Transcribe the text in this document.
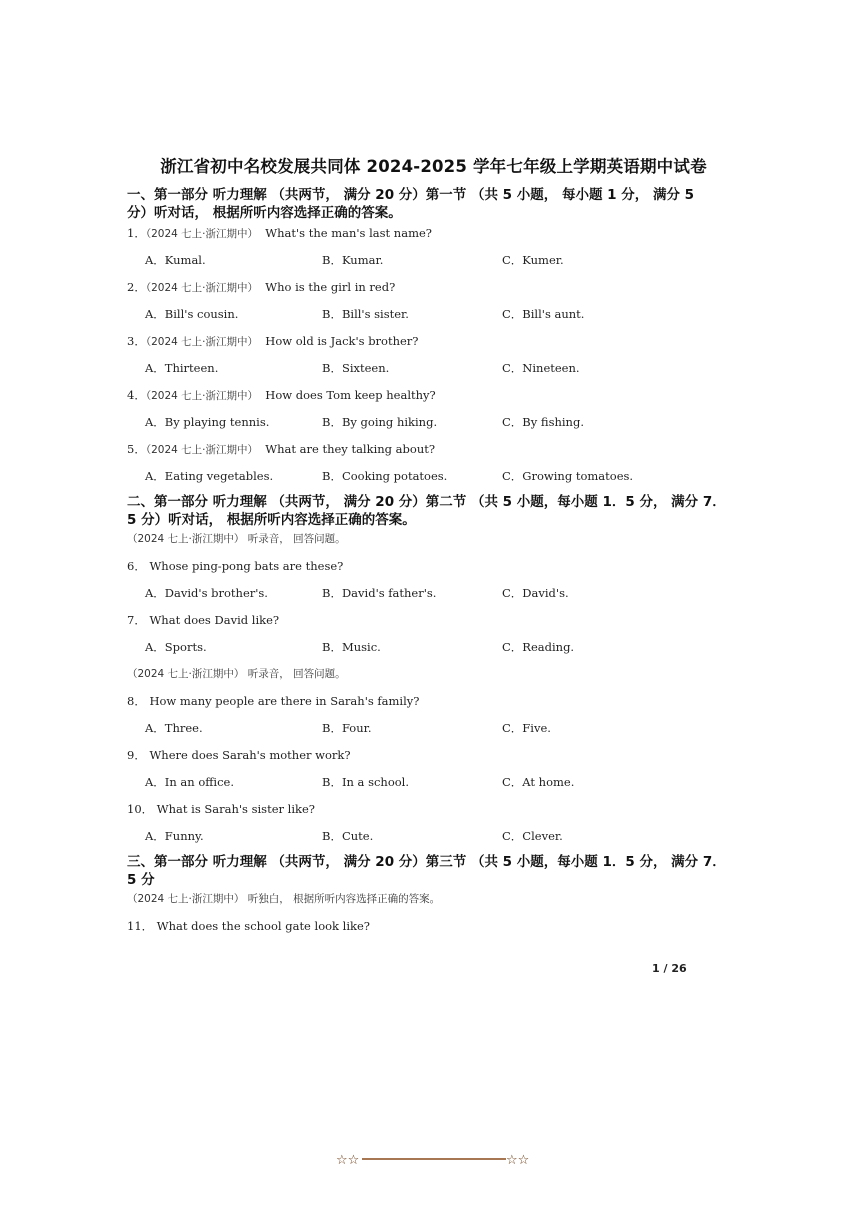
浙江省初中名校发展共同体 2024-2025 学年七年级上学期英语期中试卷
一、第一部分 听力理解 （共两节， 满分 20 分）第一节 （共 5 小题， 每小题 1 分， 满分 5
分）听对话， 根据所听内容选择正确的答案。
1．（2024 七上·浙江期中） What's the man's last name?
A．Kumal.	B．Kumar.	C．Kumer.
2．（2024 七上·浙江期中） Who is the girl in red?
A．Bill's cousin.	B．Bill's sister.	C．Bill's aunt.
3．（2024 七上·浙江期中） How old is Jack's brother?
A．Thirteen.	B．Sixteen.	C．Nineteen.
4．（2024 七上·浙江期中） How does Tom keep healthy?
A．By playing tennis.	B．By going hiking.	C．By fishing.
5．（2024 七上·浙江期中） What are they talking about?
A．Eating vegetables.	B．Cooking potatoes.	C．Growing tomatoes.
二、第一部分 听力理解 （共两节， 满分 20 分）第二节 （共 5 小题，每小题 1．5 分， 满分 7．
5 分）听对话， 根据所听内容选择正确的答案。
（2024 七上·浙江期中） 听录音， 回答问题。
6． Whose ping-pong bats are these?
A．David's brother's.	B．David's father's.	C．David's.
7． What does David like?
A．Sports.	B．Music.	C．Reading.
（2024 七上·浙江期中） 听录音， 回答问题。
8． How many people are there in Sarah's family?
A．Three.	B．Four.	C．Five.
9． Where does Sarah's mother work?
A．In an office.	B．In a school.	C．At home.
10． What is Sarah's sister like?
A．Funny.	B．Cute.	C．Clever.
三、第一部分 听力理解 （共两节， 满分 20 分）第三节 （共 5 小题，每小题 1．5 分， 满分 7．
5 分
（2024 七上·浙江期中） 听独白， 根据所听内容选择正确的答案。
11． What does the school gate look like?
1 / 26
☆☆	☆☆
